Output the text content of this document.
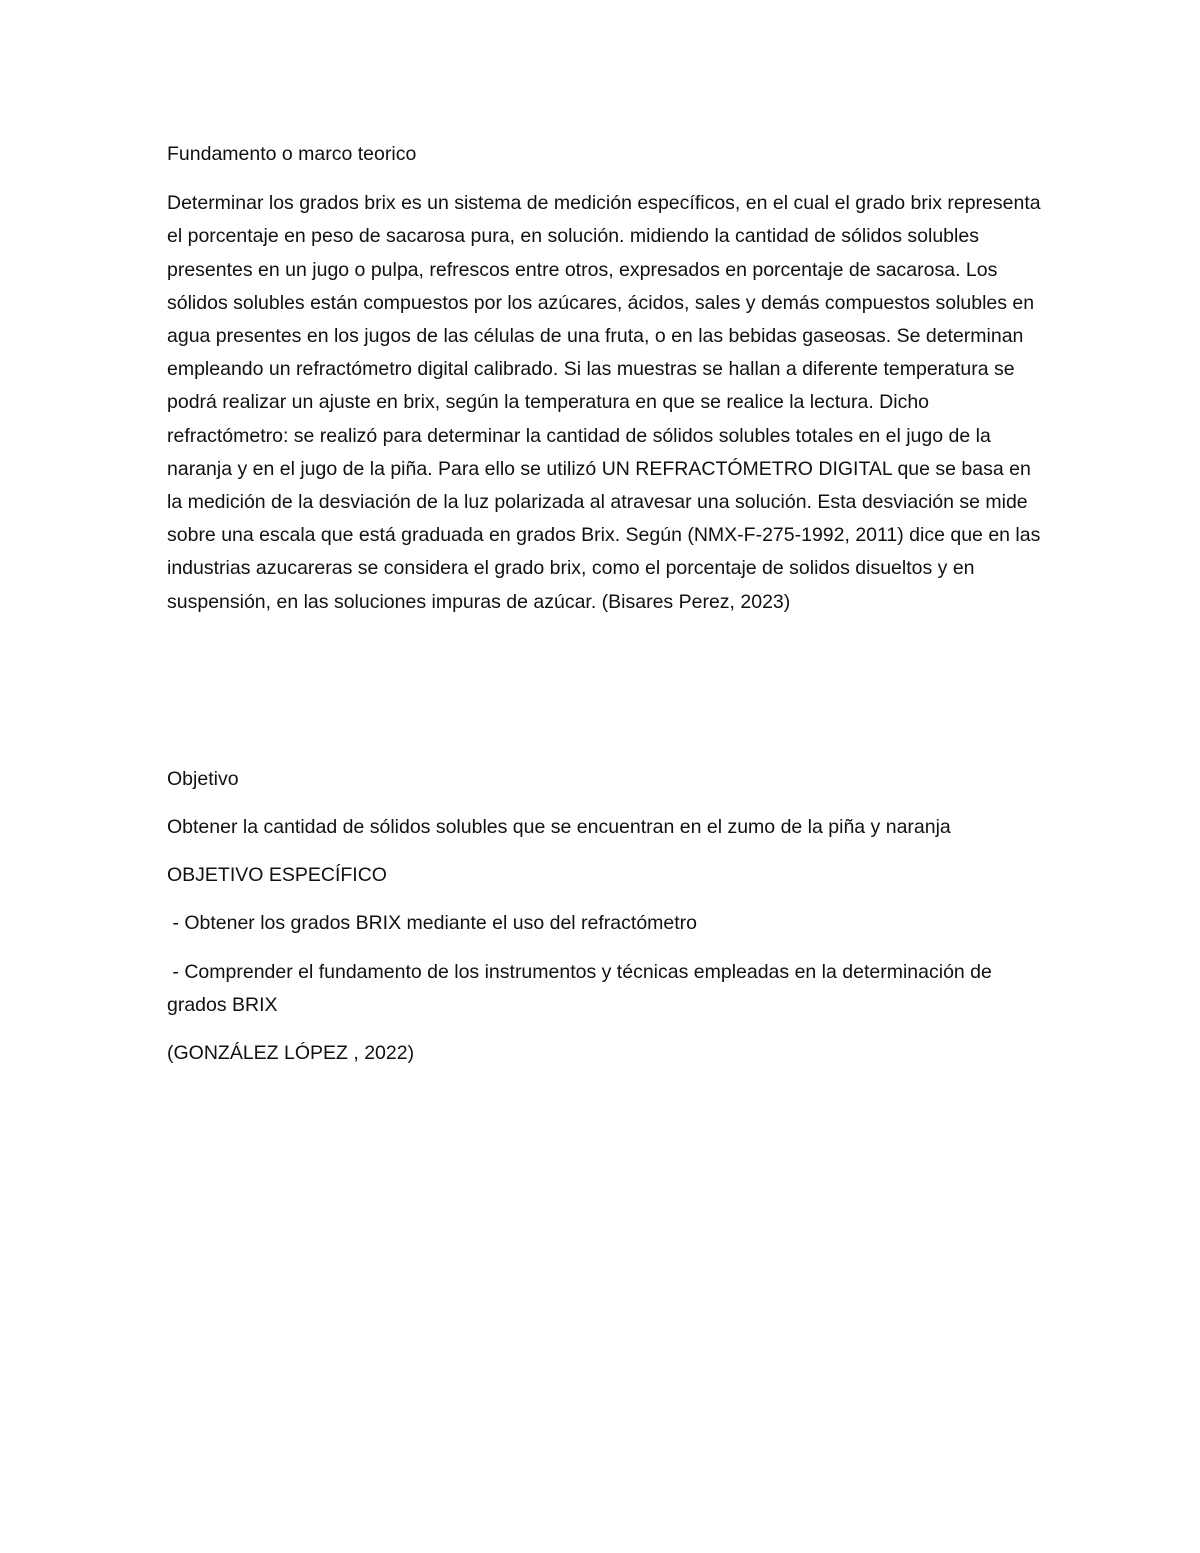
Fundamento o marco teorico

Determinar los grados brix es un sistema de medición específicos, en el cual el grado brix representa el porcentaje en peso de sacarosa pura, en solución. midiendo la cantidad de sólidos solubles presentes en un jugo o pulpa, refrescos entre otros, expresados en porcentaje de sacarosa. Los sólidos solubles están compuestos por los azúcares, ácidos, sales y demás compuestos solubles en agua presentes en los jugos de las células de una fruta, o en las bebidas gaseosas. Se determinan empleando un refractómetro digital calibrado. Si las muestras se hallan a diferente temperatura se podrá realizar un ajuste en brix, según la temperatura en que se realice la lectura. Dicho refractómetro: se realizó para determinar la cantidad de sólidos solubles totales en el jugo de la naranja y en el jugo de la piña. Para ello se utilizó UN REFRACTÓMETRO DIGITAL que se basa en la medición de la desviación de la luz polarizada al atravesar una solución. Esta desviación se mide sobre una escala que está graduada en grados Brix. Según (NMX-F-275-1992, 2011) dice que en las industrias azucareras se considera el grado brix, como el porcentaje de solidos disueltos y en suspensión, en las soluciones impuras de azúcar. (Bisares Perez, 2023)

Objetivo

Obtener la cantidad de sólidos solubles que se encuentran en el zumo de la piña y naranja

OBJETIVO ESPECÍFICO

- Obtener los grados BRIX mediante el uso del refractómetro

- Comprender el fundamento de los instrumentos y técnicas empleadas en la determinación de grados BRIX

(GONZÁLEZ LÓPEZ , 2022)
